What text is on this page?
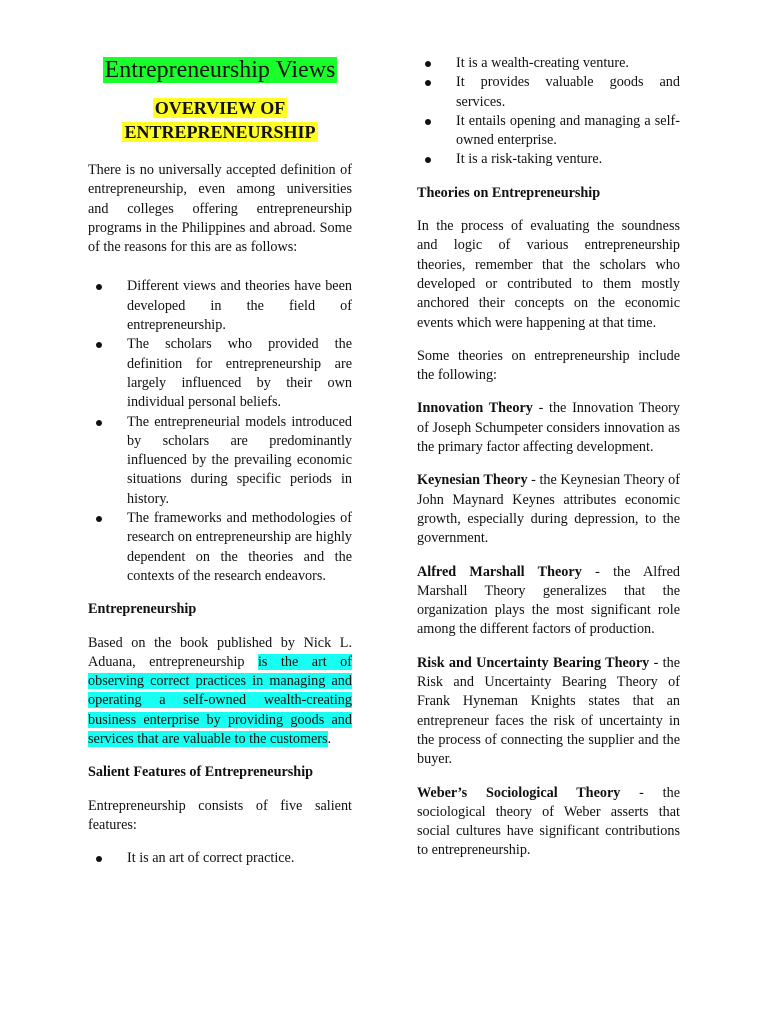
Entrepreneurship Views
OVERVIEW OF ENTREPRENEURSHIP

There is no universally accepted definition of entrepreneurship, even among universities and colleges offering entrepreneurship programs in the Philippines and abroad. Some of the reasons for this are as follows:

Different views and theories have been developed in the field of entrepreneurship.
The scholars who provided the definition for entrepreneurship are largely influenced by their own individual personal beliefs.
The entrepreneurial models introduced by scholars are predominantly influenced by the prevailing economic situations during specific periods in history.
The frameworks and methodologies of research on entrepreneurship are highly dependent on the theories and the contexts of the research endeavors.
Entrepreneurship

Based on the book published by Nick L. Aduana, entrepreneurship is the art of observing correct practices in managing and operating a self-owned wealth-creating business enterprise by providing goods and services that are valuable to the customers.

Salient Features of Entrepreneurship

Entrepreneurship consists of five salient features:

It is an art of correct practice.
It is a wealth-creating venture.
It provides valuable goods and services.
It entails opening and managing a self-owned enterprise.
It is a risk-taking venture.
Theories on Entrepreneurship

In the process of evaluating the soundness and logic of various entrepreneurship theories, remember that the scholars who developed or contributed to them mostly anchored their concepts on the economic events which were happening at that time.

Some theories on entrepreneurship include the following:

Innovation Theory - the Innovation Theory of Joseph Schumpeter considers innovation as the primary factor affecting development.

Keynesian Theory - the Keynesian Theory of John Maynard Keynes attributes economic growth, especially during depression, to the government.

Alfred Marshall Theory - the Alfred Marshall Theory generalizes that the organization plays the most significant role among the different factors of production.

Risk and Uncertainty Bearing Theory - the Risk and Uncertainty Bearing Theory of Frank Hyneman Knights states that an entrepreneur faces the risk of uncertainty in the process of connecting the supplier and the buyer.

Weber’s Sociological Theory - the sociological theory of Weber asserts that social cultures have significant contributions to entrepreneurship.
